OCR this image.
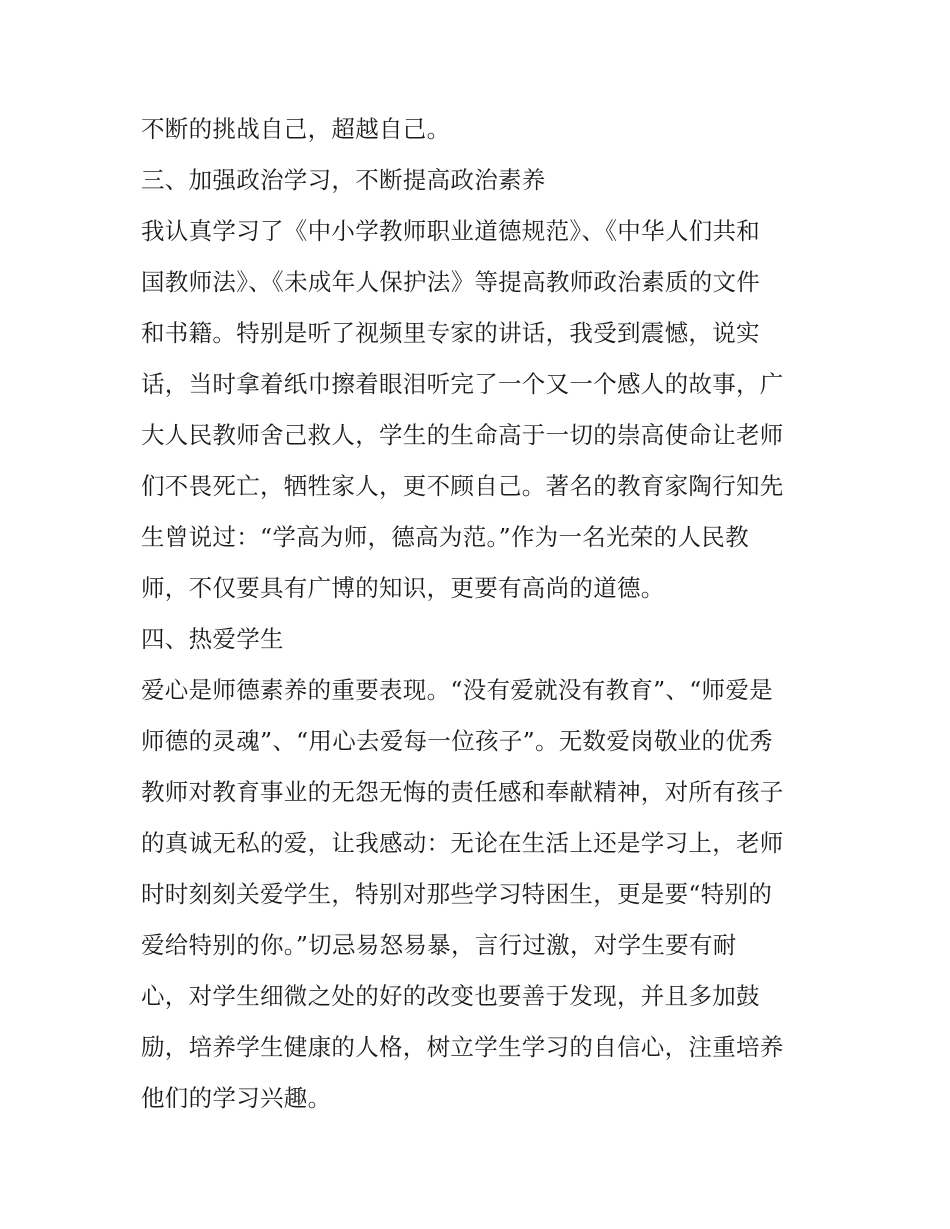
不断的挑战自己，超越自己。
三、加强政治学习，不断提高政治素养
我认真学习了《中小学教师职业道德规范》、《中华人们共和
国教师法》、《未成年人保护法》等提高教师政治素质的文件
和书籍。特别是听了视频里专家的讲话，我受到震憾，说实
话，当时拿着纸巾擦着眼泪听完了一个又一个感人的故事，广
大人民教师舍己救人，学生的生命高于一切的崇高使命让老师
们不畏死亡，牺牲家人，更不顾自己。著名的教育家陶行知先
生曾说过：“学高为师，德高为范。”作为一名光荣的人民教
师，不仅要具有广博的知识，更要有高尚的道德。
四、热爱学生
爱心是师德素养的重要表现。“没有爱就没有教育”、“师爱是
师德的灵魂”、“用心去爱每一位孩子”。无数爱岗敬业的优秀
教师对教育事业的无怨无悔的责任感和奉献精神，对所有孩子
的真诚无私的爱，让我感动：无论在生活上还是学习上，老师
时时刻刻关爱学生，特别对那些学习特困生，更是要“特别的
爱给特别的你。”切忌易怒易暴，言行过激，对学生要有耐
心，对学生细微之处的好的改变也要善于发现，并且多加鼓
励，培养学生健康的人格，树立学生学习的自信心，注重培养
他们的学习兴趣。
